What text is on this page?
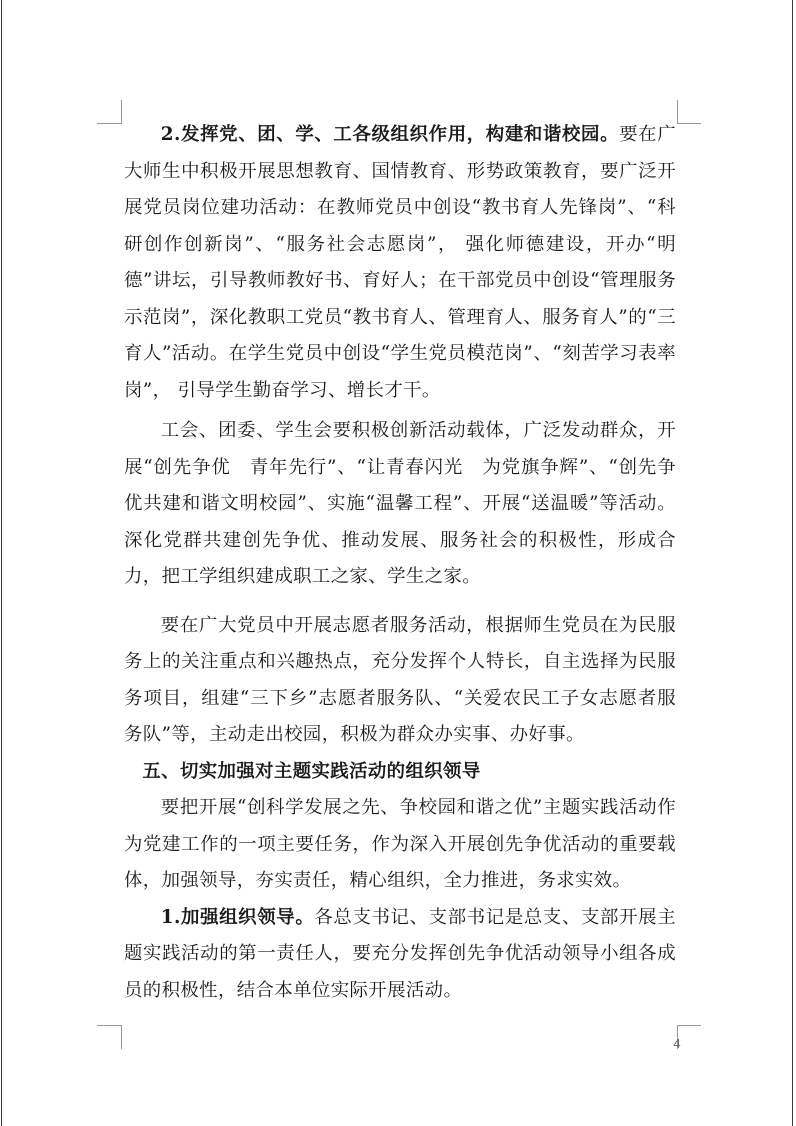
2.发挥党、团、学、工各级组织作用，构建和谐校园。要在广大师生中积极开展思想教育、国情教育、形势政策教育，要广泛开展党员岗位建功活动：在教师党员中创设“教书育人先锋岗”、“科研创作创新岗”、“服务社会志愿岗”， 强化师德建设，开办“明德”讲坛，引导教师教好书、育好人；在干部党员中创设“管理服务示范岗”，深化教职工党员“教书育人、管理育人、服务育人”的“三育人”活动。在学生党员中创设“学生党员模范岗”、“刻苦学习表率岗”， 引导学生勤奋学习、增长才干。

工会、团委、学生会要积极创新活动载体，广泛发动群众，开展“创先争优　青年先行”、“让青春闪光　为党旗争辉”、“创先争优共建和谐文明校园”、实施“温馨工程”、开展“送温暖”等活动。深化党群共建创先争优、推动发展、服务社会的积极性，形成合力，把工学组织建成职工之家、学生之家。

要在广大党员中开展志愿者服务活动，根据师生党员在为民服务上的关注重点和兴趣热点，充分发挥个人特长，自主选择为民服务项目，组建“三下乡”志愿者服务队、“关爱农民工子女志愿者服务队”等，主动走出校园，积极为群众办实事、办好事。

五、切实加强对主题实践活动的组织领导

要把开展“创科学发展之先、争校园和谐之优”主题实践活动作为党建工作的一项主要任务，作为深入开展创先争优活动的重要载体，加强领导，夯实责任，精心组织，全力推进，务求实效。

1.加强组织领导。各总支书记、支部书记是总支、支部开展主题实践活动的第一责任人，要充分发挥创先争优活动领导小组各成员的积极性，结合本单位实际开展活动。

4
